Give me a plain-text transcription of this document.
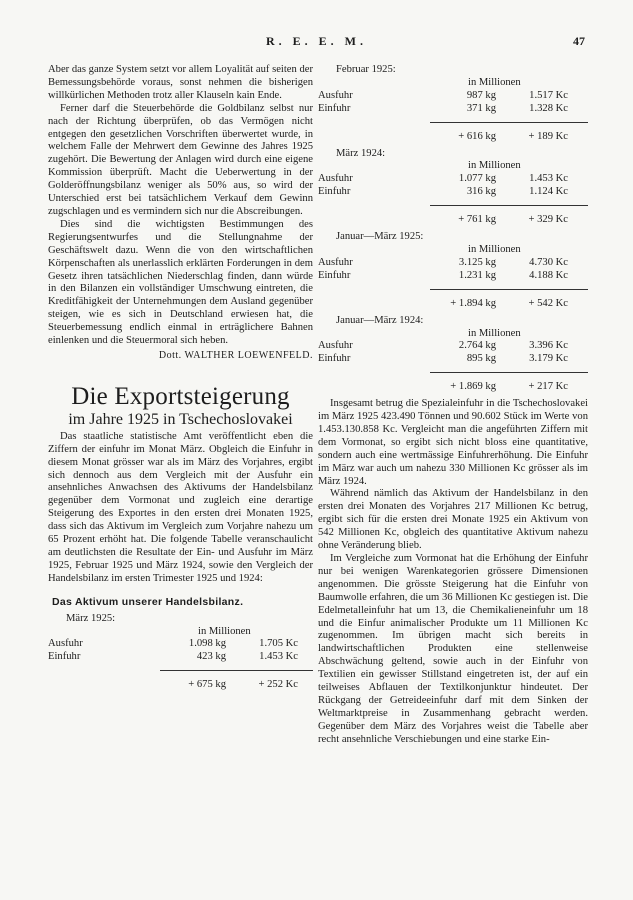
R. E. E. M.	47

Aber das ganze System setzt vor allem Loyalität auf seiten der Bemessungsbehörde voraus, sonst nehmen die bisherigen willkürlichen Methoden trotz aller Klauseln kain Ende.

Ferner darf die Steuerbehörde die Goldbilanz selbst nur nach der Richtung überprüfen, ob das Vermögen nicht entgegen den gesetzlichen Vorschriften überwertet wurde, in welchem Falle der Mehrwert dem Gewinne des Jahres 1925 zugehört. Die Bewertung der Anlagen wird durch eine eigene Kommission überprüft. Macht die Ueberwertung in der Golderöffnungsbilanz weniger als 50% aus, so wird der Unterschied erst bei tatsächlichem Verkauf dem Gewinn zugschlagen und es vermindern sich nur die Abscreibungen.

Dies sind die wichtigsten Bestimmungen des Regierungsentwurfes und die Stellungnahme der Geschäftswelt dazu. Wenn die von den wirtschaftlichen Körpenschaften als unerlasslich erklärten Forderungen in dem Gesetz ihren tatsächlichen Niederschlag finden, dann würde in den Bilanzen ein vollständiger Umschwung eintreten, die Kreditfähigkeit der Unternehmungen dem Ausland gegenüber steigen, wie es sich in Deutschland erwiesen hat, die Steuerbemessung endlich einmal in erträglichere Bahnen einlenken und die Steuermoral sich heben.

Dott. WALTHER LOEWENFELD.
Die Exportsteigerung
im Jahre 1925 in Tschechoslovakei

Das staatliche statistische Amt veröffentlicht eben die Ziffern der einfuhr im Monat März. Obgleich die Einfuhr in diesem Monat grösser war als im März des Vorjahres, ergibt sich dennoch aus dem Vergleich mit der Ausfuhr ein ansehnliches Anwachsen des Aktivums der Handelsbilanz gegenüber dem Vormonat und zugleich eine derartige Steigerung des Exportes in den ersten drei Monaten 1925, dass sich das Aktivum im Vergleich zum Vorjahre nahezu um 65 Prozent erhöht hat. Die folgende Tabelle veranschaulicht am deutlichsten die Resultate der Ein- und Ausfuhr im März 1925, Februar 1925 und März 1924, sowie den Vergleich der Handelsbilanz im ersten Trimester 1925 und 1924:

Das Aktivum unserer Handelsbilanz.
März 1925:
in Millionen
Ausfuhr	1.098 kg	1.705 Kc
Einfuhr	423 kg	1.453 Kc
+ 675 kg	+ 252 Kc
Februar 1925:
in Millionen
Ausfuhr	987 kg	1.517 Kc
Einfuhr	371 kg	1.328 Kc
+ 616 kg	+ 189 Kc
März 1924:
in Millionen
Ausfuhr	1.077 kg	1.453 Kc
Einfuhr	316 kg	1.124 Kc
+ 761 kg	+ 329 Kc
Januar—März 1925:
in Millionen
Ausfuhr	3.125 kg	4.730 Kc
Einfuhr	1.231 kg	4.188 Kc
+ 1.894 kg	+ 542 Kc
Januar—März 1924:
in Millionen
Ausfuhr	2.764 kg	3.396 Kc
Einfuhr	895 kg	3.179 Kc
+ 1.869 kg	+ 217 Kc

Insgesamt betrug die Spezialeinfuhr in die Tschechoslovakei im März 1925 423.490 Tönnen und 90.602 Stück im Werte von 1.453.130.858 Kc. Vergleicht man die angeführten Ziffern mit dem Vormonat, so ergibt sich nicht bloss eine quantitative, sondern auch eine wertmässige Einfuhrerhöhung. Die Einfuhr im März war auch um nahezu 330 Millionen Kc grösser als im März 1924.

Während nämlich das Aktivum der Handelsbilanz in den ersten drei Monaten des Vorjahres 217 Millionen Kc betrug, ergibt sich für die ersten drei Monate 1925 ein Aktivum von 542 Millionen Kc, obgleich des quantitative Aktivum nahezu ohne Veränderung blieb.

Im Vergleiche zum Vormonat hat die Erhöhung der Einfuhr nur bei wenigen Warenkategorien grössere Dimensionen angenommen. Die grösste Steigerung hat die Einfuhr von Baumwolle erfahren, die um 36 Millionen Kc gestiegen ist. Die Edelmetalleinfuhr hat um 13, die Chemikalieneinfuhr um 18 und die Einfur animalischer Produkte um 11 Millionen Kc zugenommen. Im übrigen macht sich bereits in landwirtschaftlichen Produkten eine stellenweise Abschwächung geltend, sowie auch in der Einfuhr von Textilien ein gewisser Stillstand eingetreten ist, der auf ein teilweises Abflauen der Textilkonjunktur hindeutet. Der Rückgang der Getreideeinfuhr darf mit dem Sinken der Weltmarktpreise in Zusammenhang gebracht werden. Gegenüber dem März des Vorjahres weist die Tabelle aber recht ansehnliche Verschiebungen und eine starke Ein-
